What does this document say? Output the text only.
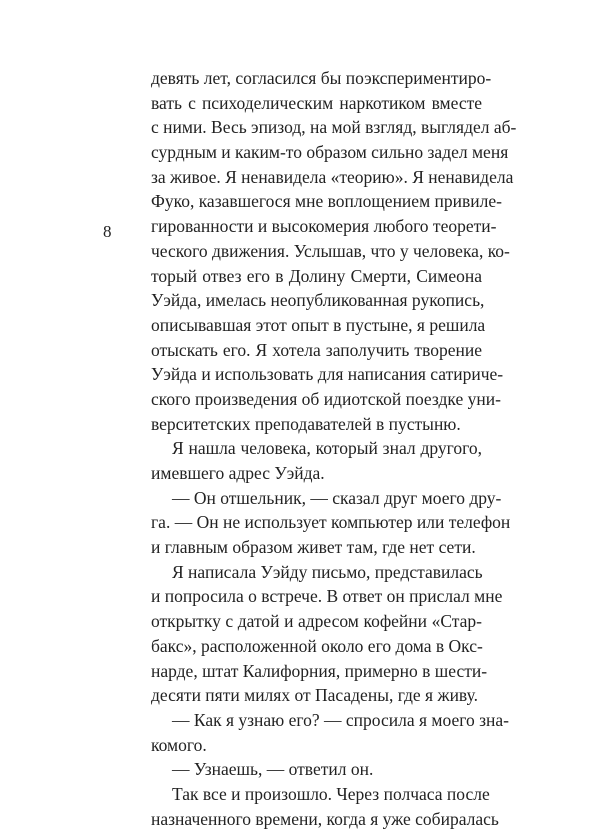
8
девять лет, согласился бы поэкспериментиро-
вать с психоделическим наркотиком вместе
с ними. Весь эпизод, на мой взгляд, выглядел аб-
сурдным и каким-то образом сильно задел меня
за живое. Я ненавидела «теорию». Я ненавидела
Фуко, казавшегося мне воплощением привиле-
гированности и высокомерия любого теорети-
ческого движения. Услышав, что у человека, ко-
торый отвез его в Долину Смерти, Симеона
Уэйда, имелась неопубликованная рукопись,
описывавшая этот опыт в пустыне, я решила
отыскать его. Я хотела заполучить творение
Уэйда и использовать для написания сатириче-
ского произведения об идиотской поездке уни-
верситетских преподавателей в пустыню.
Я нашла человека, который знал другого,
имевшего адрес Уэйда.
— Он отшельник, — сказал друг моего дру-
га. — Он не использует компьютер или телефон
и главным образом живет там, где нет сети.
Я написала Уэйду письмо, представилась
и попросила о встрече. В ответ он прислал мне
открытку с датой и адресом кофейни «Стар-
бакс», расположенной около его дома в Окс-
нарде, штат Калифорния, примерно в шести-
десяти пяти милях от Пасадены, где я живу.
— Как я узнаю его? — спросила я моего зна-
комого.
— Узнаешь, — ответил он.
Так все и произошло. Через полчаса после
назначенного времени, когда я уже собиралась
